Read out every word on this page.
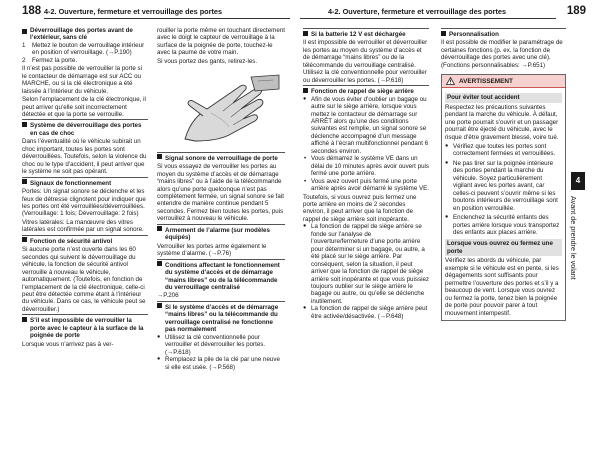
188 4-2. Ouverture, fermeture et verrouillage des portes	4-2. Ouverture, fermeture et verrouillage des portes	189
Déverrouillage des portes avant de l’extérieur, sans clé
1	Mettez le bouton de verrouillage intérieur en position of verrouillage. (→P.190)
2	Fermez la porte.
Il n’est pas possible de verrouiller la porte si le contacteur de démarrage est sur ACC ou MARCHE, ou si la clé électronique a été laissée à l’intérieur du véhicule.
Selon l’emplacement de la clé électronique, il peut arriver qu’elle soit incorrectement détectée et que la porte se verrouille.
Système de déverrouillage des portes en cas de choc
Dans l’éventualité où le véhicule subirait un choc important, toutes les portes sont déverrouillées. Toutefois, selon la violence du choc ou le type d’accident, il peut arriver que le système ne soit pas opérant.
Signaux de fonctionnement
Portes: Un signal sonore se déclenche et les feux de détresse clignotent pour indiquer que les portes ont été verrouillées/déverrouillées. (Verrouillage: 1 fois; Déverrouillage: 2 fois)
Vitres latérales: La manœuvre des vitres latérales est confirmée par un signal sonore.
Fonction de sécurité antivol
Si aucune porte n’est ouverte dans les 60 secondes qui suivent le déverrouillage du véhicule, la fonction de sécurité antivol verrouille à nouveau le véhicule, automatiquement. (Toutefois, en fonction de l’emplacement de la clé électronique, celle-ci peut être détectée comme étant à l’intérieur du véhicule. Dans ce cas, le véhicule peut se déverrouiller.)
S’il est impossible de verrouiller la porte avec le capteur à la surface de la poignée de porte
Lorsque vous n’arrivez pas à ver-
rouiller la porte même en touchant directement avec le doigt le capteur de verrouillage à la surface de la poignée de porte, touchez-le avec la paume de votre main.
Si vous portez des gants, retirez-les.
Signal sonore de verrouillage de porte
Si vous essayez de verrouiller les portes au moyen du système d’accès et de démarrage “mains libres” ou à l’aide de la télécommande alors qu’une porte quelconque n’est pas complètement fermée, un signal sonore se fait entendre de manière continue pendant 5 secondes. Fermez bien toutes les portes, puis verrouillez à nouveau le véhicule.
Armement de l’alarme (sur modèles équipés)
Verrouiller les portes arme également le système d’alarme. (→P.76)
Conditions affectant le fonctionnement du système d’accès et de démarrage “mains libres” ou de la télécommande du verrouillage centralisé
→P.206
Si le système d’accès et de démarrage “mains libres” ou la télécommande du verrouillage centralisé ne fonctionne pas normalement
● Utilisez la clé conventionnelle pour verrouiller et déverrouiller les portes. (→P.618)
● Remplacez la pile de la clé par une neuve si elle est usée. (→P.568)
Si la batterie 12 V est déchargée
Il est impossible de verrouiller et déverrouiller les portes au moyen du système d’accès et de démarrage “mains libres” ou de la télécommande du verrouillage centralisé. Utilisez la clé conventionnelle pour verrouiller ou déverrouiller les portes. (→P.618)
Fonction de rappel de siège arrière
● Afin de vous éviter d’oublier un bagage ou autre sur le siège arrière, lorsque vous mettez le contacteur de démarrage sur ARRÊT alors qu’une des conditions suivantes est remplie, un signal sonore se déclenche accompagné d’un message affiché à l’écran multifonctionnel pendant 6 secondes environ.
• Vous démarrez le système VE dans un délai de 10 minutes après avoir ouvert puis fermé une porte arrière.
• Vous avez ouvert puis fermé une porte arrière après avoir démarré le système VE.
Toutefois, si vous ouvrez puis fermez une porte arrière en moins de 2 secondes environ, il peut arriver que la fonction de rappel de siège arrière soit inopérante.
● La fonction de rappel de siège arrière se fonde sur l’analyse de l’ouverture/fermeture d’une porte arrière pour déterminer si un bagage, ou autre, a été placé sur le siège arrière. Par conséquent, selon la situation, il peut arriver que la fonction de rappel de siège arrière soit inopérante et que vous puissiez toujours oublier sur le siège arrière le bagage ou autre, ou qu’elle se déclenche inutilement.
● La fonction de rappel de siège arrière peut être activée/désactivée. (→P.648)
Personnalisation
Il est possible de modifier le paramétrage de certaines fonctions (p. ex. la fonction de déverrouillage des portes avec une clé). (Fonctions personnalisables: →P.651)
AVERTISSEMENT
Pour éviter tout accident
Respectez les précautions suivantes pendant la marche du véhicule. À défaut, une porte pourrait s’ouvrir et un passager pourrait être éjecté du véhicule, avec le risque d’être gravement blessé, voire tué.
● Vérifiez que toutes les portes sont correctement fermées et verrouillées.
● Ne pas tirer sur la poignée intérieure des portes pendant la marche du véhicule. Soyez particulièrement vigilant avec les portes avant, car celles-ci peuvent s’ouvrir même si les boutons intérieurs de verrouillage sont en position verrouillée.
● Enclenchez la sécurité enfants des portes arrière lorsque vous transportez des enfants aux places arrière.
Lorsque vous ouvrez ou fermez une porte
Vérifiez les abords du véhicule, par exemple si le véhicule est en pente, si les dégagements sont suffisants pour permettre l’ouverture des portes et s’il y a beaucoup de vent. Lorsque vous ouvrez ou fermez la porte, tenez bien la poignée de porte pour pouvoir parer à tout mouvement intempestif.
4
Avant de prendre le volant
